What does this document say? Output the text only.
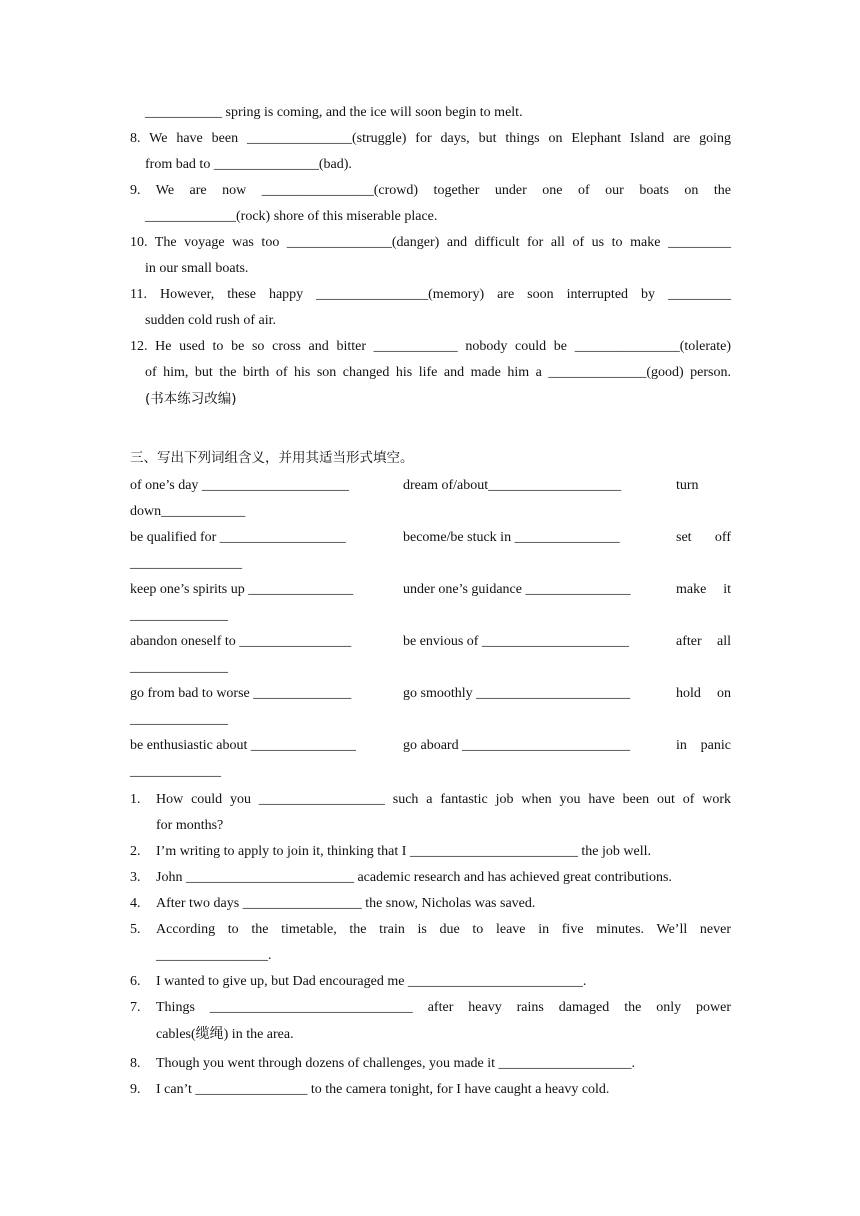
___________ spring is coming, and the ice will soon begin to melt.
8. We have been _______________(struggle) for days, but things on Elephant Island are going
from bad to _______________(bad).
9. We are now ________________(crowd) together under one of our boats on the
_____________(rock) shore of this miserable place.
10. The voyage was too _______________(danger) and difficult for all of us to make _________
in our small boats.
11. However, these happy ________________(memory) are soon interrupted by _________
sudden cold rush of air.
12. He used to be so cross and bitter ____________ nobody could be _______________(tolerate)
of him, but the birth of his son changed his life and made him a ______________(good) person.
(书本练习改编)
三、写出下列词组含义，并用其适当形式填空。
of one’s day _____________________	dream of/about___________________	turn
down____________
be qualified for __________________	become/be stuck in _______________	set off
________________
keep one’s spirits up _______________	under one’s guidance _______________	make it
______________
abandon oneself to ________________	be envious of _____________________	after all
______________
go from bad to worse ______________	go smoothly ______________________	hold on
______________
be enthusiastic about _______________	go aboard ________________________	in panic
_____________
1. How could you __________________ such a fantastic job when you have been out of work
for months?
2. I’m writing to apply to join it, thinking that I ________________________ the job well.
3. John ________________________ academic research and has achieved great contributions.
4. After two days _________________ the snow, Nicholas was saved.
5. According to the timetable, the train is due to leave in five minutes. We’ll never
________________.
6. I wanted to give up, but Dad encouraged me _________________________.
7. Things _____________________________ after heavy rains damaged the only power
cables(缆绳) in the area.
8. Though you went through dozens of challenges, you made it ___________________.
9. I can’t ________________ to the camera tonight, for I have caught a heavy cold.
